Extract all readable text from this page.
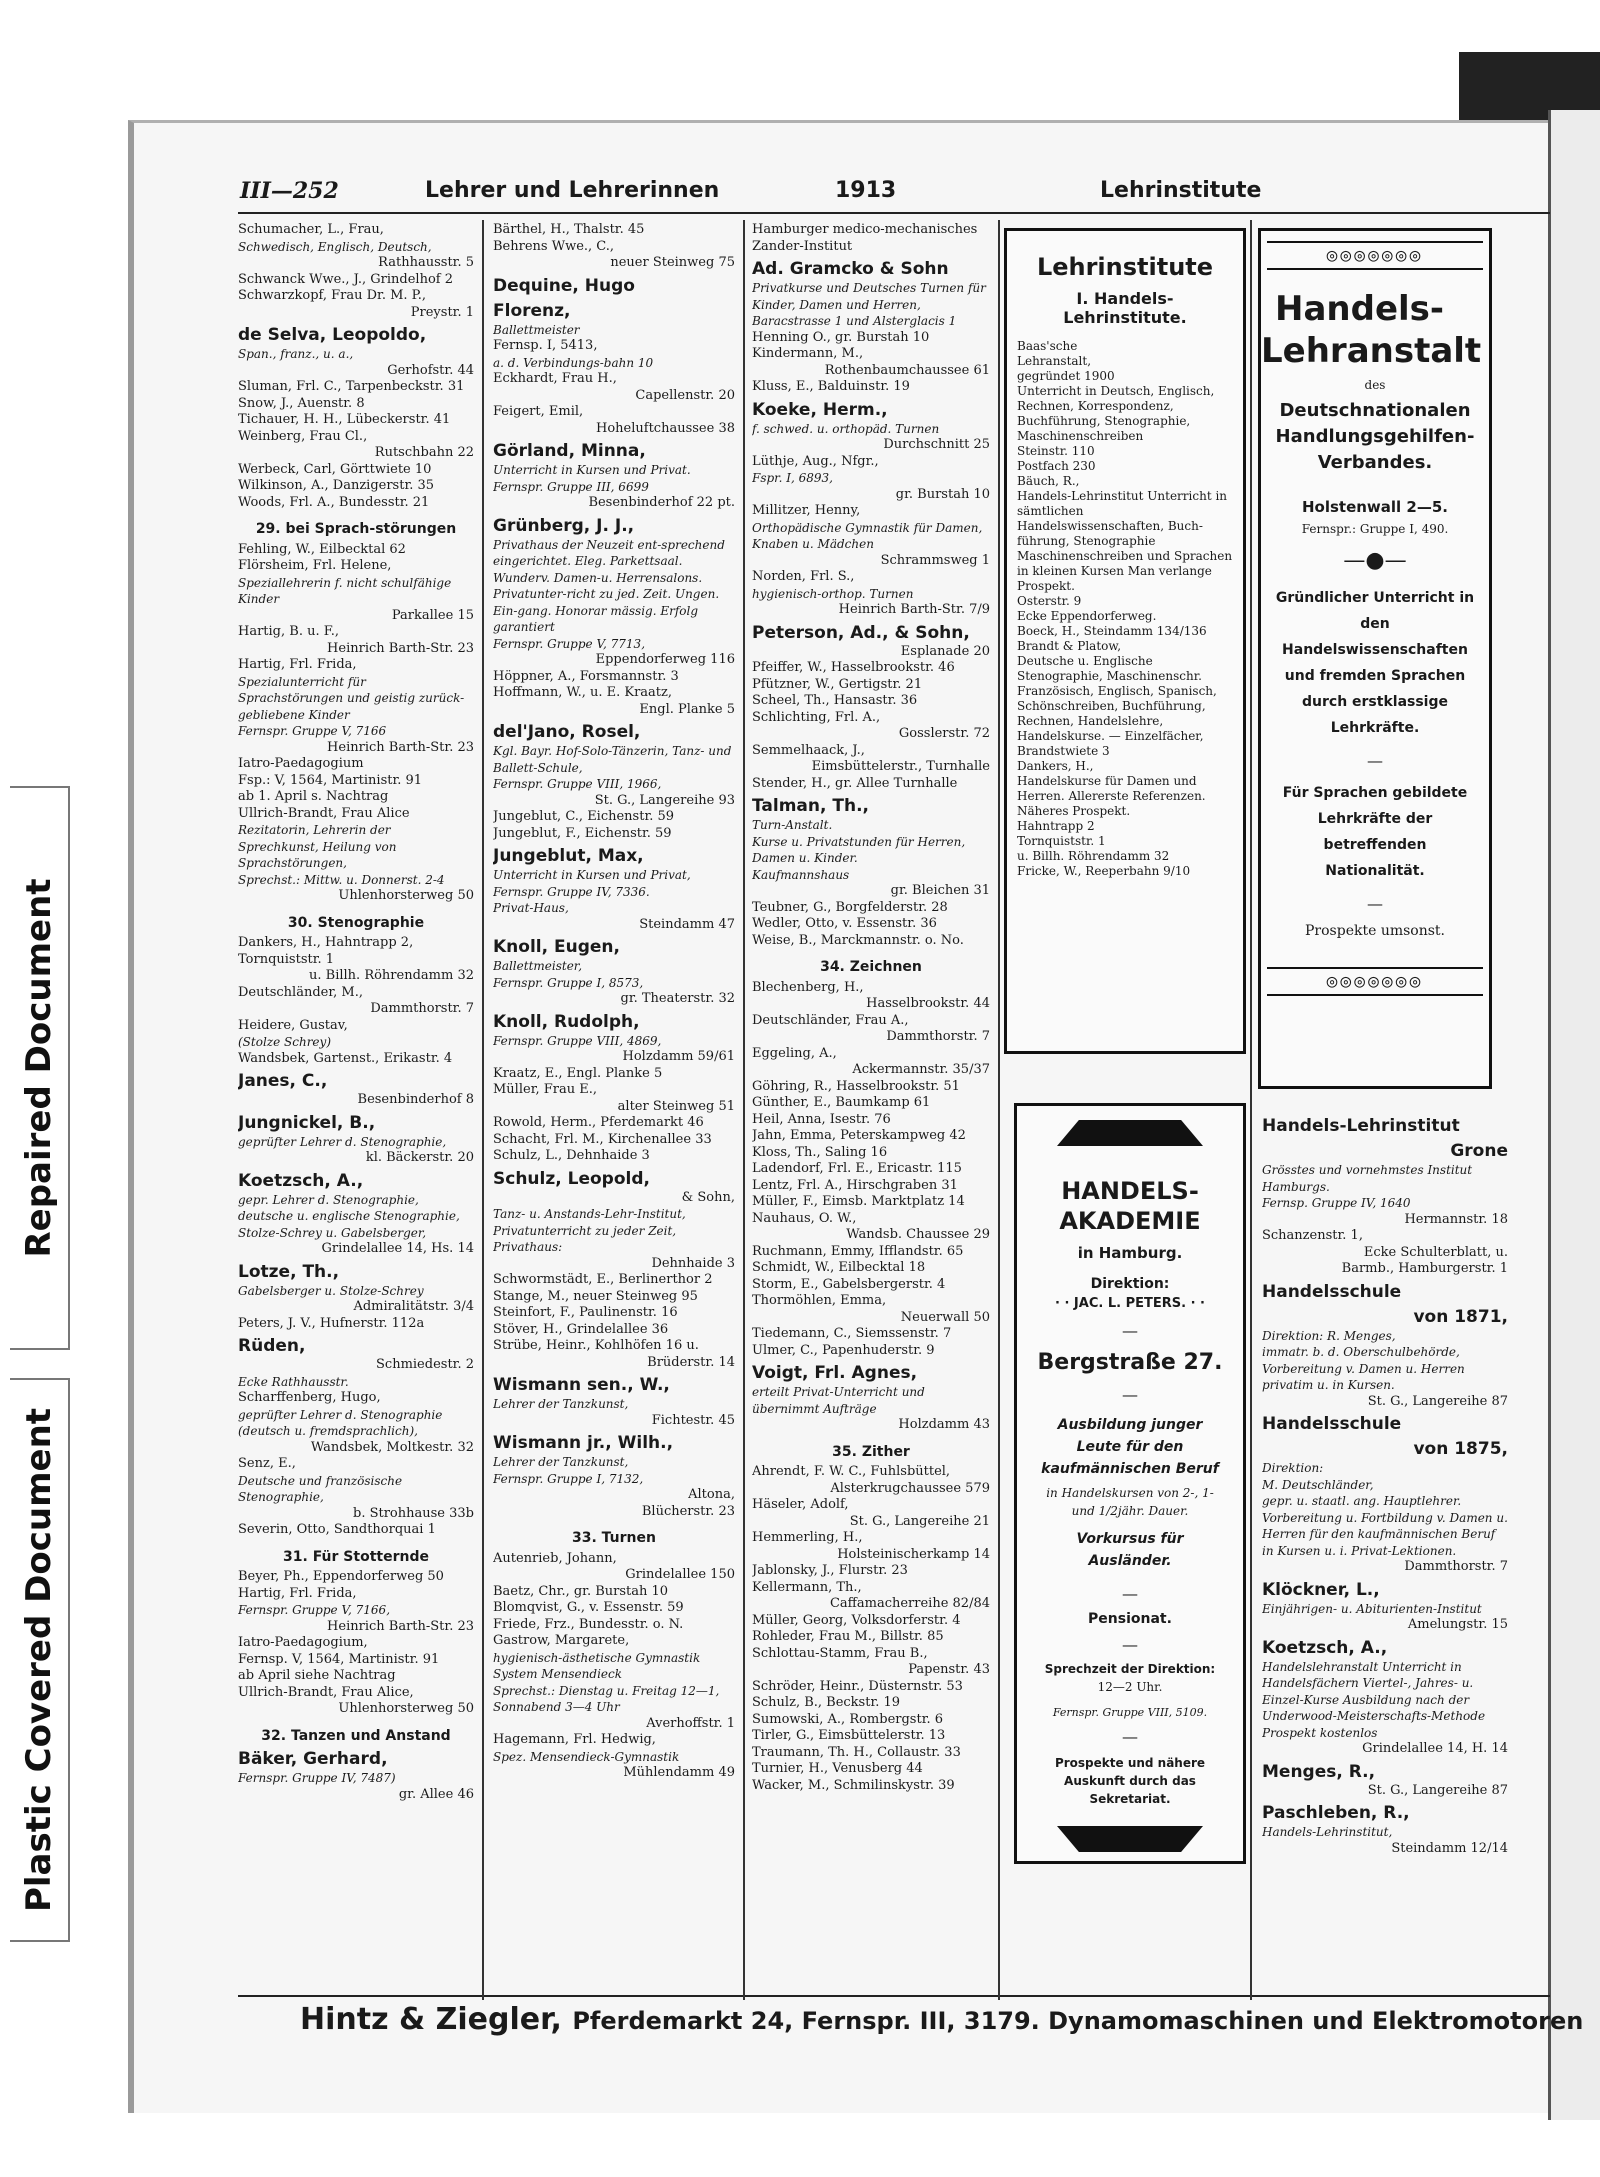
Repaired Document
Plastic Covered Document
III—252	Lehrer und Lehrerinnen	1913	Lehrinstitute

Schumacher, L., Frau,

Schwedisch, Englisch, Deutsch,

Rathhausstr. 5

Schwanck Wwe., J., Grindelhof 2

Schwarzkopf, Frau Dr. M. P.,

Preystr. 1

de Selva, Leopoldo,

Span., franz., u. a.,

Gerhofstr. 44

Sluman, Frl. C., Tarpenbeckstr. 31

Snow, J., Auenstr. 8

Tichauer, H. H., Lübeckerstr. 41

Weinberg, Frau Cl.,

Rutschbahn 22

Werbeck, Carl, Görttwiete 10

Wilkinson, A., Danzigerstr. 35

Woods, Frl. A., Bundesstr. 21

29. bei Sprach-störungen

Fehling, W., Eilbecktal 62

Flörsheim, Frl. Helene,

Speziallehrerin f. nicht schulfähige Kinder

Parkallee 15

Hartig, B. u. F.,

Heinrich Barth-Str. 23

Hartig, Frl. Frida,

Spezialunterricht für Sprachstörungen und geistig zurück-gebliebene Kinder

Fernspr. Gruppe V, 7166

Heinrich Barth-Str. 23

Iatro-Paedagogium

Fsp.: V, 1564, Martinistr. 91

ab 1. April s. Nachtrag

Ullrich-Brandt, Frau Alice

Rezitatorin, Lehrerin der Sprechkunst, Heilung von Sprachstörungen,

Sprechst.: Mittw. u. Donnerst. 2-4

Uhlenhorsterweg 50

30. Stenographie

Dankers, H., Hahntrapp 2,

Tornquiststr. 1

u. Billh. Röhrendamm 32

Deutschländer, M.,

Dammthorstr. 7

Heidere, Gustav,

(Stolze Schrey)

Wandsbek, Gartenst., Erikastr. 4

Janes, C.,

Besenbinderhof 8

Jungnickel, B.,

geprüfter Lehrer d. Stenographie,

kl. Bäckerstr. 20

Koetzsch, A.,

gepr. Lehrer d. Stenographie, deutsche u. englische Stenographie, Stolze-Schrey u. Gabelsberger,

Grindelallee 14, Hs. 14

Lotze, Th.,

Gabelsberger u. Stolze-Schrey

Admiralitätstr. 3/4

Peters, J. V., Hufnerstr. 112a

Rüden,

Schmiedestr. 2

Ecke Rathhausstr.

Scharffenberg, Hugo,

geprüfter Lehrer d. Stenographie (deutsch u. fremdsprachlich),

Wandsbek, Moltkestr. 32

Senz, E.,

Deutsche und französische Stenographie,

b. Strohhause 33b

Severin, Otto, Sandthorquai 1

31. Für Stotternde

Beyer, Ph., Eppendorferweg 50

Hartig, Frl. Frida,

Fernspr. Gruppe V, 7166,

Heinrich Barth-Str. 23

Iatro-Paedagogium,

Fernsp. V, 1564, Martinistr. 91

ab April siehe Nachtrag

Ullrich-Brandt, Frau Alice,

Uhlenhorsterweg 50

32. Tanzen und Anstand

Bäker, Gerhard,

Fernspr. Gruppe IV, 7487)

gr. Allee 46

Bärthel, H., Thalstr. 45

Behrens Wwe., C.,

neuer Steinweg 75

Dequine, Hugo

Florenz,

Ballettmeister

Fernsp. I, 5413,

a. d. Verbindungs-bahn 10

Eckhardt, Frau H.,

Capellenstr. 20

Feigert, Emil,

Hoheluftchaussee 38

Görland, Minna,

Unterricht in Kursen und Privat.

Fernspr. Gruppe III, 6699

Besenbinderhof 22 pt.

Grünberg, J. J.,

Privathaus der Neuzeit ent-sprechend eingerichtet. Eleg. Parkettsaal. Wunderv. Damen-u. Herrensalons. Privatunter-richt zu jed. Zeit. Ungen. Ein-gang. Honorar mässig. Erfolg garantiert

Fernspr. Gruppe V, 7713,

Eppendorferweg 116

Höppner, A., Forsmannstr. 3

Hoffmann, W., u. E. Kraatz,

Engl. Planke 5

del'Jano, Rosel,

Kgl. Bayr. Hof-Solo-Tänzerin, Tanz- und Ballett-Schule,

Fernspr. Gruppe VIII, 1966,

St. G., Langereihe 93

Jungeblut, C., Eichenstr. 59

Jungeblut, F., Eichenstr. 59

Jungeblut, Max,

Unterricht in Kursen und Privat,

Fernspr. Gruppe IV, 7336.

Privat-Haus,

Steindamm 47

Knoll, Eugen,

Ballettmeister,

Fernspr. Gruppe I, 8573,

gr. Theaterstr. 32

Knoll, Rudolph,

Fernspr. Gruppe VIII, 4869,

Holzdamm 59/61

Kraatz, E., Engl. Planke 5

Müller, Frau E.,

alter Steinweg 51

Rowold, Herm., Pferdemarkt 46

Schacht, Frl. M., Kirchenallee 33

Schulz, L., Dehnhaide 3

Schulz, Leopold,

& Sohn,

Tanz- u. Anstands-Lehr-Institut,

Privatunterricht zu jeder Zeit, Privathaus:

Dehnhaide 3

Schwormstädt, E., Berlinerthor 2

Stange, M., neuer Steinweg 95

Steinfort, F., Paulinenstr. 16

Stöver, H., Grindelallee 36

Strübe, Heinr., Kohlhöfen 16 u.

Brüderstr. 14

Wismann sen., W.,

Lehrer der Tanzkunst,

Fichtestr. 45

Wismann jr., Wilh.,

Lehrer der Tanzkunst,

Fernspr. Gruppe I, 7132,

Altona,

Blücherstr. 23

33. Turnen

Autenrieb, Johann,

Grindelallee 150

Baetz, Chr., gr. Burstah 10

Blomqvist, G., v. Essenstr. 59

Friede, Frz., Bundesstr. o. N.

Gastrow, Margarete,

hygienisch-ästhetische Gymnastik System Mensendieck

Sprechst.: Dienstag u. Freitag 12—1, Sonnabend 3—4 Uhr

Averhoffstr. 1

Hagemann, Frl. Hedwig,

Spez. Mensendieck-Gymnastik

Mühlendamm 49

Hamburger medico-mechanisches Zander-Institut

Ad. Gramcko & Sohn

Privatkurse und Deutsches Turnen für Kinder, Damen und Herren,

Baracstrasse 1 und Alsterglacis 1

Henning O., gr. Burstah 10

Kindermann, M.,

Rothenbaumchaussee 61

Kluss, E., Balduinstr. 19

Koeke, Herm.,

f. schwed. u. orthopäd. Turnen

Durchschnitt 25

Lüthje, Aug., Nfgr.,

Fspr. I, 6893,

gr. Burstah 10

Millitzer, Henny,

Orthopädische Gymnastik für Damen, Knaben u. Mädchen

Schrammsweg 1

Norden, Frl. S.,

hygienisch-orthop. Turnen

Heinrich Barth-Str. 7/9

Peterson, Ad., & Sohn,

Esplanade 20

Pfeiffer, W., Hasselbrookstr. 46

Pfützner, W., Gertigstr. 21

Scheel, Th., Hansastr. 36

Schlichting, Frl. A.,

Gosslerstr. 72

Semmelhaack, J.,

Eimsbüttelerstr., Turnhalle

Stender, H., gr. Allee Turnhalle

Talman, Th.,

Turn-Anstalt.

Kurse u. Privatstunden für Herren, Damen u. Kinder.

Kaufmannshaus

gr. Bleichen 31

Teubner, G., Borgfelderstr. 28

Wedler, Otto, v. Essenstr. 36

Weise, B., Marckmannstr. o. No.

34. Zeichnen

Blechenberg, H.,

Hasselbrookstr. 44

Deutschländer, Frau A.,

Dammthorstr. 7

Eggeling, A.,

Ackermannstr. 35/37

Göhring, R., Hasselbrookstr. 51

Günther, E., Baumkamp 61

Heil, Anna, Isestr. 76

Jahn, Emma, Peterskampweg 42

Kloss, Th., Saling 16

Ladendorf, Frl. E., Ericastr. 115

Lentz, Frl. A., Hirschgraben 31

Müller, F., Eimsb. Marktplatz 14

Nauhaus, O. W.,

Wandsb. Chaussee 29

Ruchmann, Emmy, Ifflandstr. 65

Schmidt, W., Eilbecktal 18

Storm, E., Gabelsbergerstr. 4

Thormöhlen, Emma,

Neuerwall 50

Tiedemann, C., Siemssenstr. 7

Ulmer, C., Papenhuderstr. 9

Voigt, Frl. Agnes,

erteilt Privat-Unterricht und übernimmt Aufträge

Holzdamm 43

35. Zither

Ahrendt, F. W. C., Fuhlsbüttel,

Alsterkrugchaussee 579

Häseler, Adolf,

St. G., Langereihe 21

Hemmerling, H.,

Holsteinischerkamp 14

Jablonsky, J., Flurstr. 23

Kellermann, Th.,

Caffamacherreihe 82/84

Müller, Georg, Volksdorferstr. 4

Rohleder, Frau M., Billstr. 85

Schlottau-Stamm, Frau B.,

Papenstr. 43

Schröder, Heinr., Düsternstr. 53

Schulz, B., Beckstr. 19

Sumowski, A., Rombergstr. 6

Tirler, G., Eimsbüttelerstr. 13

Traumann, Th. H., Collaustr. 33

Turnier, H., Venusberg 44

Wacker, M., Schmilinskystr. 39

Lehrinstitute

I. Handels-Lehrinstitute.

Baas'sche

Lehranstalt,

gegründet 1900

Unterricht in Deutsch, Englisch, Rechnen, Korrespondenz, Buchführung, Stenographie, Maschinenschreiben

Steinstr. 110

Postfach 230

Bäuch, R.,

Handels-Lehrinstitut Unterricht in sämtlichen Handelswissenschaften, Buch-führung, Stenographie Maschinenschreiben und Sprachen in kleinen Kursen Man verlange Prospekt.

Osterstr. 9

Ecke Eppendorferweg.

Boeck, H., Steindamm 134/136

Brandt & Platow,

Deutsche u. Englische Stenographie, Maschinenschr. Französisch, Englisch, Spanisch, Schönschreiben, Buchführung, Rechnen, Handelslehre, Handelskurse. — Einzelfächer,

Brandstwiete 3

Dankers, H.,

Handelskurse für Damen und Herren. Allererste Referenzen. Näheres Prospekt.

Hahntrapp 2

Tornquiststr. 1

u. Billh. Röhrendamm 32

Fricke, W., Reeperbahn 9/10

◎◎◎◎◎◎◎

Handels-

Lehranstalt

des

Deutschnationalen Handlungsgehilfen-Verbandes.

Holstenwall 2—5.

Fernspr.: Gruppe I, 490.

—●—

Gründlicher Unterricht in den Handelswissenschaften und fremden Sprachen durch erstklassige Lehrkräfte.

—

Für Sprachen gebildete Lehrkräfte der betreffenden Nationalität.

—

Prospekte umsonst.

◎◎◎◎◎◎◎

Handels-Lehrinstitut

Grone

Grösstes und vornehmstes Institut Hamburgs.

Fernsp. Gruppe IV, 1640

Hermannstr. 18

Schanzenstr. 1,

Ecke Schulterblatt, u.

Barmb., Hamburgerstr. 1

Handelsschule

von 1871,

Direktion: R. Menges,

immatr. b. d. Oberschulbehörde, Vorbereitung v. Damen u. Herren privatim u. in Kursen.

St. G., Langereihe 87

Handelsschule

von 1875,

Direktion:

M. Deutschländer,

gepr. u. staatl. ang. Hauptlehrer. Vorbereitung u. Fortbildung v. Damen u. Herren für den kaufmännischen Beruf in Kursen u. i. Privat-Lektionen.

Dammthorstr. 7

Klöckner, L.,

Einjährigen- u. Abiturienten-Institut

Amelungstr. 15

Koetzsch, A.,

Handelslehranstalt Unterricht in Handelsfächern Viertel-, Jahres- u. Einzel-Kurse Ausbildung nach der Underwood-Meisterschafts-Methode Prospekt kostenlos

Grindelallee 14, H. 14

Menges, R.,

St. G., Langereihe 87

Paschleben, R.,

Handels-Lehrinstitut,

Steindamm 12/14

HANDELS-AKADEMIE

in Hamburg.

Direktion:

· · JAC. L. PETERS. · ·

—

Bergstraße 27.

—

Ausbildung junger Leute für den kaufmännischen Beruf

in Handelskursen von 2-, 1- und 1/2jähr. Dauer.

Vorkursus für Ausländer.

—

Pensionat.

—

Sprechzeit der Direktion:

12—2 Uhr.

Fernspr. Gruppe VIII, 5109.

—

Prospekte und nähere Auskunft durch das Sekretariat.

Hintz & Ziegler, Pferdemarkt 24, Fernspr. III, 3179. Dynamomaschinen und Elektromotoren
